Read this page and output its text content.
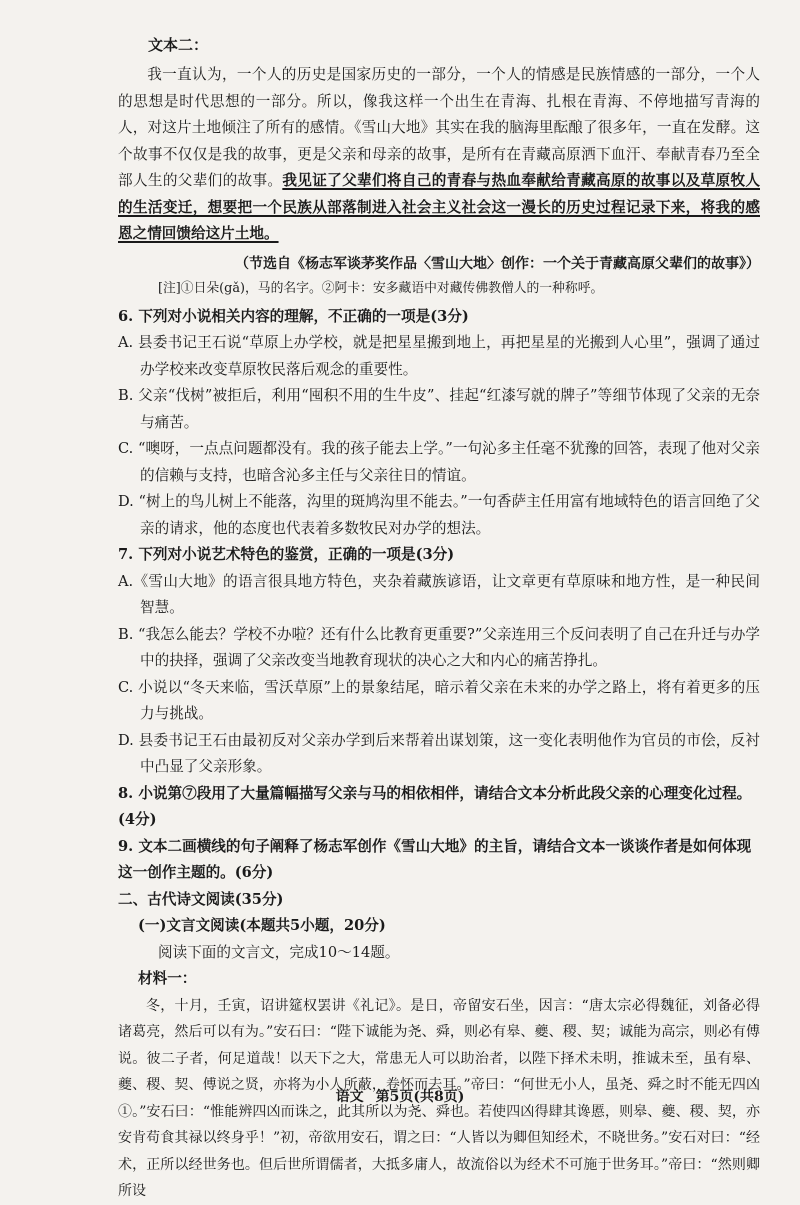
文本二：

我一直认为，一个人的历史是国家历史的一部分，一个人的情感是民族情感的一部分，一个人的思想是时代思想的一部分。所以，像我这样一个出生在青海、扎根在青海、不停地描写青海的人，对这片土地倾注了所有的感情。《雪山大地》其实在我的脑海里酝酿了很多年，一直在发酵。这个故事不仅仅是我的故事，更是父亲和母亲的故事，是所有在青藏高原洒下血汗、奉献青春乃至全部人生的父辈们的故事。我见证了父辈们将自己的青春与热血奉献给青藏高原的故事以及草原牧人的生活变迁，想要把一个民族从部落制进入社会主义社会这一漫长的历史过程记录下来，将我的感恩之情回馈给这片土地。

（节选自《杨志军谈茅奖作品〈雪山大地〉创作：一个关于青藏高原父辈们的故事》）

[注]①日朵(gǎ)，马的名字。②阿卡：安多藏语中对藏传佛教僧人的一种称呼。

6. 下列对小说相关内容的理解，不正确的一项是(3分)

A. 县委书记王石说“草原上办学校，就是把星星搬到地上，再把星星的光搬到人心里”，强调了通过办学校来改变草原牧民落后观念的重要性。

B. 父亲“伐树”被拒后，利用“囤积不用的生牛皮”、挂起“红漆写就的牌子”等细节体现了父亲的无奈与痛苦。

C. “噢呀，一点点问题都没有。我的孩子能去上学。”一句沁多主任毫不犹豫的回答，表现了他对父亲的信赖与支持，也暗含沁多主任与父亲往日的情谊。

D. “树上的鸟儿树上不能落，沟里的斑鸠沟里不能去。”一句香萨主任用富有地域特色的语言回绝了父亲的请求，他的态度也代表着多数牧民对办学的想法。

7. 下列对小说艺术特色的鉴赏，正确的一项是(3分)

A.《雪山大地》的语言很具地方特色，夹杂着藏族谚语，让文章更有草原味和地方性，是一种民间智慧。

B. “我怎么能去？学校不办啦？还有什么比教育更重要?”父亲连用三个反问表明了自己在升迁与办学中的抉择，强调了父亲改变当地教育现状的决心之大和内心的痛苦挣扎。

C. 小说以“冬天来临，雪沃草原”上的景象结尾，暗示着父亲在未来的办学之路上，将有着更多的压力与挑战。

D. 县委书记王石由最初反对父亲办学到后来帮着出谋划策，这一变化表明他作为官员的市侩，反衬中凸显了父亲形象。

8. 小说第⑦段用了大量篇幅描写父亲与马的相依相伴，请结合文本分析此段父亲的心理变化过程。(4分)

9. 文本二画横线的句子阐释了杨志军创作《雪山大地》的主旨，请结合文本一谈谈作者是如何体现这一创作主题的。(6分)

二、古代诗文阅读(35分)

(一)文言文阅读(本题共5小题，20分)

阅读下面的文言文，完成10～14题。

材料一：

冬，十月，壬寅，诏讲筵权罢讲《礼记》。是日，帝留安石坐，因言：“唐太宗必得魏征，刘备必得诸葛亮，然后可以有为。”安石曰：“陛下诚能为尧、舜，则必有皋、夔、稷、契；诚能为高宗，则必有傅说。彼二子者，何足道哉！以天下之大，常患无人可以助治者，以陛下择术未明，推诚未至，虽有皋、夔、稷、契、傅说之贤，亦将为小人所蔽，卷怀而去耳。”帝曰：“何世无小人，虽尧、舜之时不能无四凶①。”安石曰：“惟能辨四凶而诛之，此其所以为尧、舜也。若使四凶得肆其谗慝，则皋、夔、稷、契，亦安肯苟食其禄以终身乎！”初，帝欲用安石，谓之曰：“人皆以为卿但知经术，不晓世务。”安石对曰：“经术，正所以经世务也。但后世所谓儒者，大抵多庸人，故流俗以为经术不可施于世务耳。”帝曰：“然则卿所设

语文 第5页(共8页)
